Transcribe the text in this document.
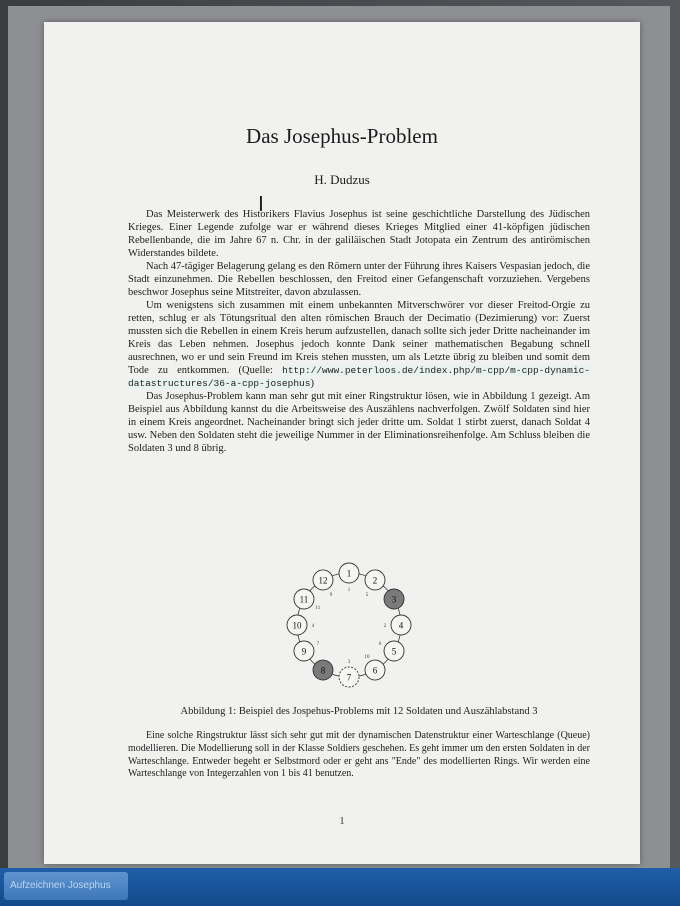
Das Josephus-Problem
H. Dudzus
I

Das Meisterwerk des Historikers Flavius Josephus ist seine geschichtliche Darstellung des Jüdischen Krieges. Einer Legende zufolge war er während dieses Krieges Mitglied einer 41-köpfigen jüdischen Rebellenbande, die im Jahre 67 n. Chr. in der galiläischen Stadt Jotopata ein Zentrum des antirömischen Widerstandes bildete.

Nach 47-tägiger Belagerung gelang es den Römern unter der Führung ihres Kaisers Vespasian jedoch, die Stadt einzunehmen. Die Rebellen beschlossen, den Freitod einer Gefangenschaft vorzuziehen. Vergebens beschwor Josephus seine Mitstreiter, davon abzulassen.

Um wenigstens sich zusammen mit einem unbekannten Mitverschwörer vor dieser Freitod-Orgie zu retten, schlug er als Tötungsritual den alten römischen Brauch der Decimatio (Dezimierung) vor: Zuerst mussten sich die Rebellen in einem Kreis herum aufzustellen, danach sollte sich jeder Dritte nacheinander im Kreis das Leben nehmen. Josephus jedoch konnte Dank seiner mathematischen Begabung schnell ausrechnen, wo er und sein Freund im Kreis stehen mussten, um als Letzte übrig zu bleiben und somit dem Tode zu entkommen. (Quelle: http://www.peterloos.de/index.php/m-cpp/m-cpp-dynamic-datastructures/36-a-cpp-josephus)

Das Josephus-Problem kann man sehr gut mit einer Ringstruktur lösen, wie in Abbildung 1 gezeigt. Am Beispiel aus Abbildung kannst du die Arbeitsweise des Auszählens nachverfolgen. Zwölf Soldaten sind hier in einem Kreis angeordnet. Nacheinander bringt sich jeder dritte um. Soldat 1 stirbt zuerst, danach Soldat 4 usw. Neben den Soldaten steht die jeweilige Nummer in der Eliminationsreihenfolge. Am Schluss bleiben die Soldaten 3 und 8 übrig.

1
1
2
5	3
4
2
5
6
6
10
7
3
8
9
7
10 4
11
11
12
9
Abbildung 1: Beispiel des Jospehus-Problems mit 12 Soldaten und Auszählabstand 3

Eine solche Ringstruktur lässt sich sehr gut mit der dynamischen Datenstruktur einer Warteschlange (Queue) modellieren. Die Modellierung soll in der Klasse Soldiers geschehen. Es geht immer um den ersten Soldaten in der Warteschlange. Entweder begeht er Selbstmord oder er geht ans "Ende" des modellierten Rings. Wir werden eine Warteschlange von Integerzahlen von 1 bis 41 benutzen.

1
Aufzeichnen Josephus
